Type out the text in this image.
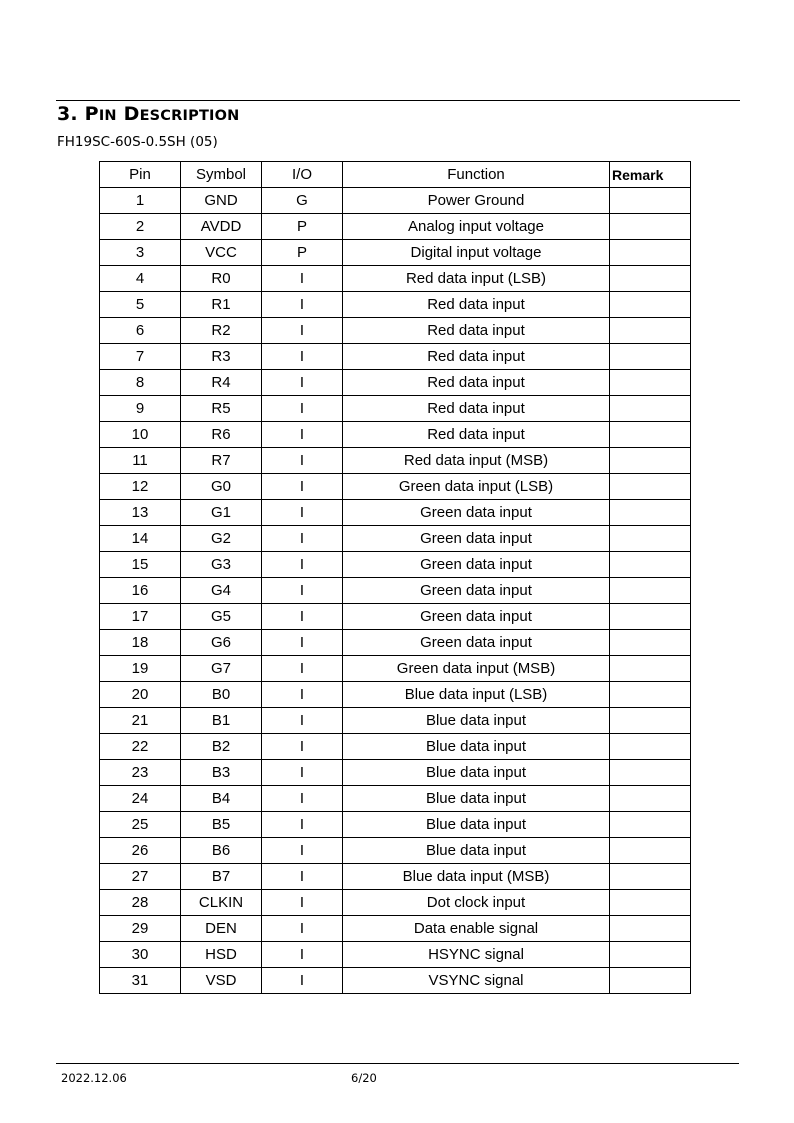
3. PIN DESCRIPTION
FH19SC-60S-0.5SH (05)
Pin	Symbol	I/O	Function	Remark
1	GND	G	Power Ground	
2	AVDD	P	Analog input voltage	
3	VCC	P	Digital input voltage	
4	R0	I	Red data input (LSB)	
5	R1	I	Red data input	
6	R2	I	Red data input	
7	R3	I	Red data input	
8	R4	I	Red data input	
9	R5	I	Red data input	
10	R6	I	Red data input	
11	R7	I	Red data input (MSB)	
12	G0	I	Green data input (LSB)	
13	G1	I	Green data input	
14	G2	I	Green data input	
15	G3	I	Green data input	
16	G4	I	Green data input	
17	G5	I	Green data input	
18	G6	I	Green data input	
19	G7	I	Green data input (MSB)	
20	B0	I	Blue data input (LSB)	
21	B1	I	Blue data input	
22	B2	I	Blue data input	
23	B3	I	Blue data input	
24	B4	I	Blue data input	
25	B5	I	Blue data input	
26	B6	I	Blue data input	
27	B7	I	Blue data input (MSB)	
28	CLKIN	I	Dot clock input	
29	DEN	I	Data enable signal	
30	HSD	I	HSYNC signal	
31	VSD	I	VSYNC signal	
2022.12.06	6/20
